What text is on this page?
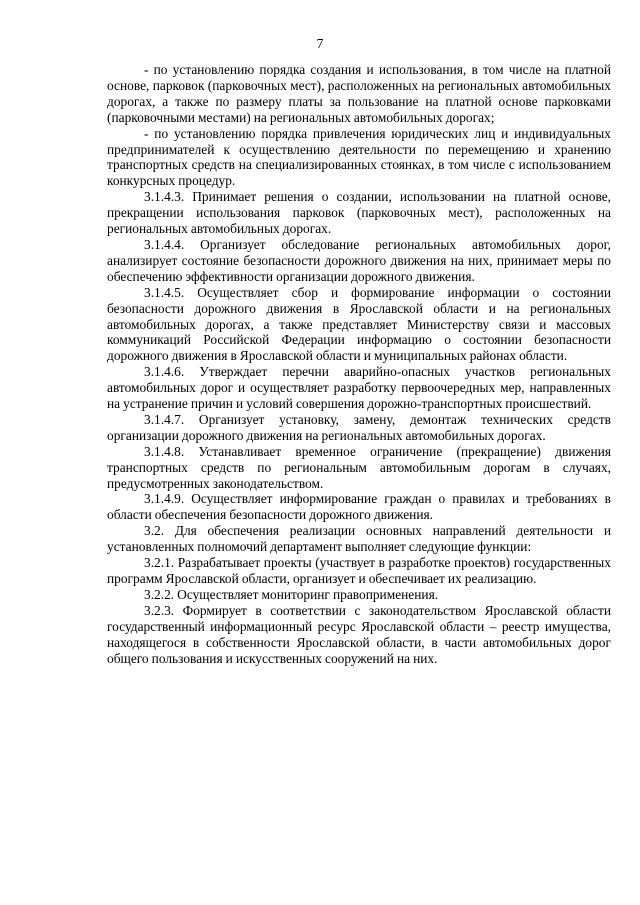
7

- по установлению порядка создания и использования, в том числе на платной основе, парковок (парковочных мест), расположенных на региональных автомобильных дорогах, а также по размеру платы за пользование на платной основе парковками (парковочными местами) на региональных автомобильных дорогах;

- по установлению порядка привлечения юридических лиц и индивидуальных предпринимателей к осуществлению деятельности по перемещению и хранению транспортных средств на специализированных стоянках, в том числе с использованием конкурсных процедур.

3.1.4.3. Принимает решения о создании, использовании на платной основе, прекращении использования парковок (парковочных мест), расположенных на региональных автомобильных дорогах.

3.1.4.4. Организует обследование региональных автомобильных дорог, анализирует состояние безопасности дорожного движения на них, принимает меры по обеспечению эффективности организации дорожного движения.

3.1.4.5. Осуществляет сбор и формирование информации о состоянии безопасности дорожного движения в Ярославской области и на региональных автомобильных дорогах, а также представляет Министерству связи и массовых коммуникаций Российской Федерации информацию о состоянии безопасности дорожного движения в Ярославской области и муниципальных районах области.

3.1.4.6. Утверждает перечни аварийно-опасных участков региональных автомобильных дорог и осуществляет разработку первоочередных мер, направленных на устранение причин и условий совершения дорожно-транспортных происшествий.

3.1.4.7. Организует установку, замену, демонтаж технических средств организации дорожного движения на региональных автомобильных дорогах.

3.1.4.8. Устанавливает временное ограничение (прекращение) движения транспортных средств по региональным автомобильным дорогам в случаях, предусмотренных законодательством.

3.1.4.9. Осуществляет информирование граждан о правилах и требованиях в области обеспечения безопасности дорожного движения.

3.2. Для обеспечения реализации основных направлений деятельности и установленных полномочий департамент выполняет следующие функции:

3.2.1. Разрабатывает проекты (участвует в разработке проектов) государственных программ Ярославской области, организует и обеспечивает их реализацию.

3.2.2. Осуществляет мониторинг правоприменения.

3.2.3. Формирует в соответствии с законодательством Ярославской области государственный информационный ресурс Ярославской области – реестр имущества, находящегося в собственности Ярославской области, в части автомобильных дорог общего пользования и искусственных сооружений на них.
